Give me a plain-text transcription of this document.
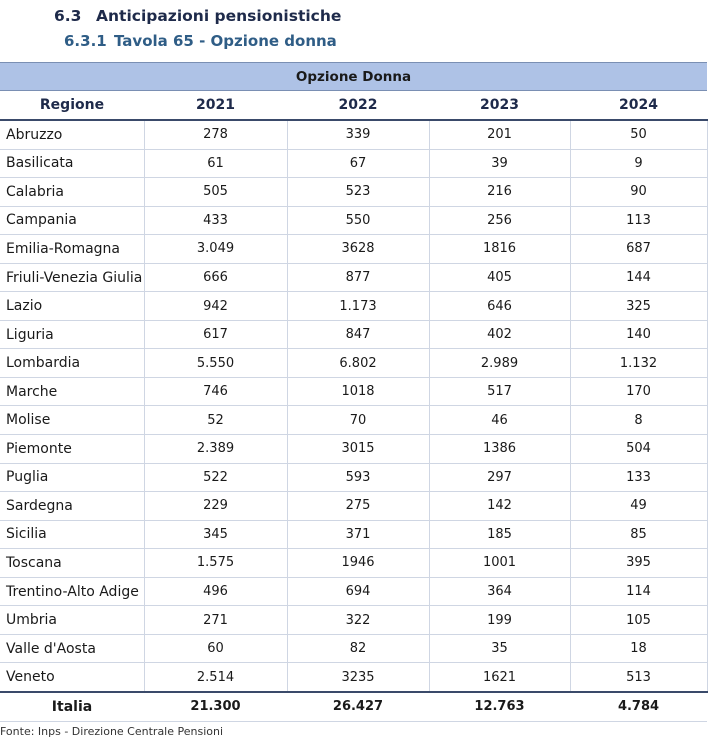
6.3 Anticipazioni pensionistiche
6.3.1 Tavola 65 - Opzione donna
Opzione Donna				
Regione	2021	2022	2023	2024
Abruzzo	278	339	201	50
Basilicata	61	67	39	9
Calabria	505	523	216	90
Campania	433	550	256	113
Emilia-Romagna	3.049	3628	1816	687
Friuli-Venezia Giulia	666	877	405	144
Lazio	942	1.173	646	325
Liguria	617	847	402	140
Lombardia	5.550	6.802	2.989	1.132
Marche	746	1018	517	170
Molise	52	70	46	8
Piemonte	2.389	3015	1386	504
Puglia	522	593	297	133
Sardegna	229	275	142	49
Sicilia	345	371	185	85
Toscana	1.575	1946	1001	395
Trentino-Alto Adige	496	694	364	114
Umbria	271	322	199	105
Valle d'Aosta	60	82	35	18
Veneto	2.514	3235	1621	513
Italia	21.300	26.427	12.763	4.784
Fonte: Inps - Direzione Centrale Pensioni
